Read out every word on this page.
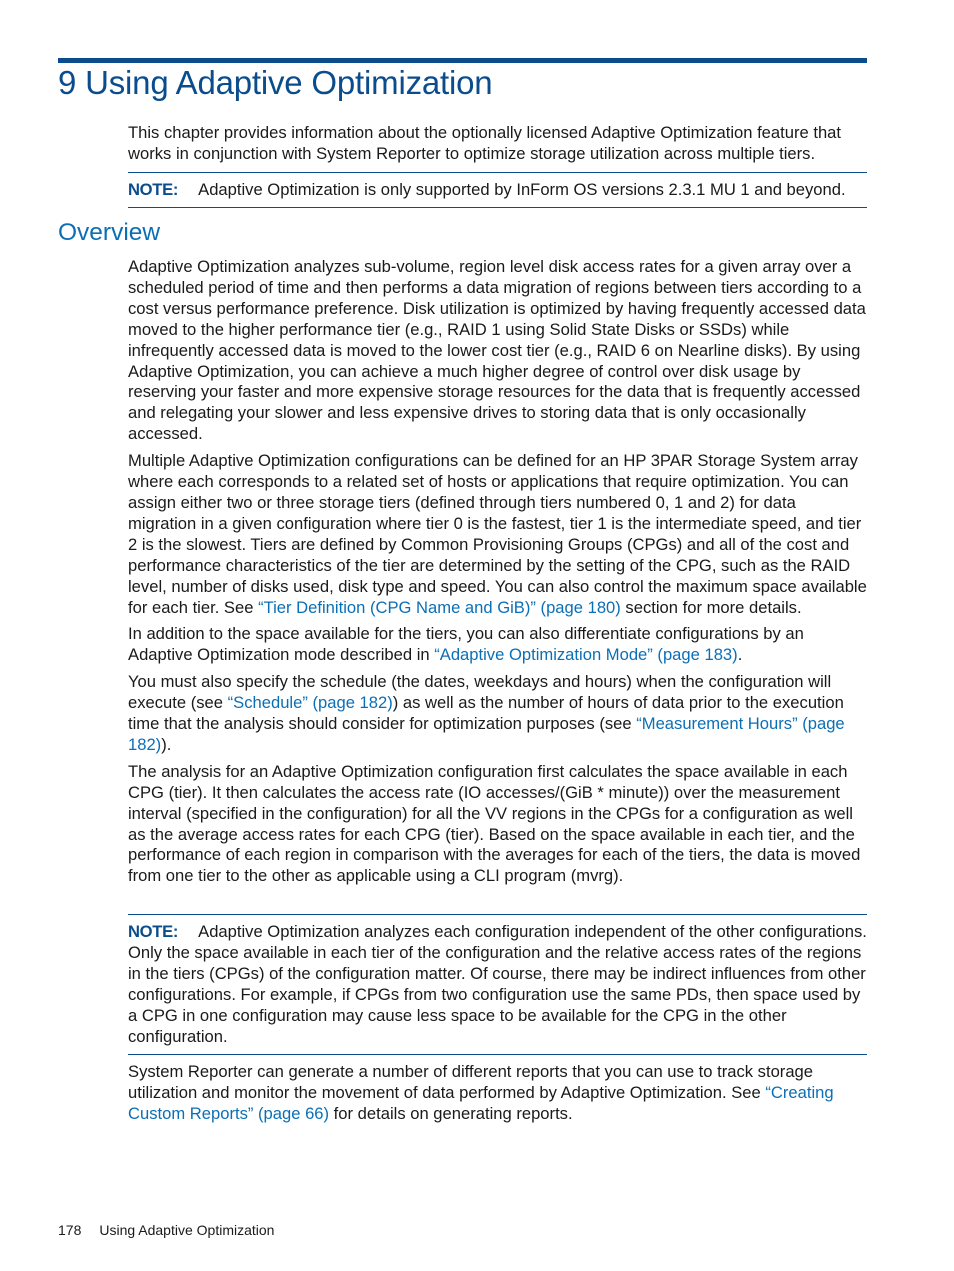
9 Using Adaptive Optimization

This chapter provides information about the optionally licensed Adaptive Optimization feature that works in conjunction with System Reporter to optimize storage utilization across multiple tiers.

NOTE: Adaptive Optimization is only supported by InForm OS versions 2.3.1 MU 1 and beyond.
Overview

Adaptive Optimization analyzes sub-volume, region level disk access rates for a given array over a scheduled period of time and then performs a data migration of regions between tiers according to a cost versus performance preference. Disk utilization is optimized by having frequently accessed data moved to the higher performance tier (e.g., RAID 1 using Solid State Disks or SSDs) while infrequently accessed data is moved to the lower cost tier (e.g., RAID 6 on Nearline disks). By using Adaptive Optimization, you can achieve a much higher degree of control over disk usage by reserving your faster and more expensive storage resources for the data that is frequently accessed and relegating your slower and less expensive drives to storing data that is only occasionally accessed.

Multiple Adaptive Optimization configurations can be defined for an HP 3PAR Storage System array where each corresponds to a related set of hosts or applications that require optimization. You can assign either two or three storage tiers (defined through tiers numbered 0, 1 and 2) for data migration in a given configuration where tier 0 is the fastest, tier 1 is the intermediate speed, and tier 2 is the slowest. Tiers are defined by Common Provisioning Groups (CPGs) and all of the cost and performance characteristics of the tier are determined by the setting of the CPG, such as the RAID level, number of disks used, disk type and speed. You can also control the maximum space available for each tier. See “Tier Definition (CPG Name and GiB)” (page 180) section for more details.

In addition to the space available for the tiers, you can also differentiate configurations by an Adaptive Optimization mode described in “Adaptive Optimization Mode” (page 183).

You must also specify the schedule (the dates, weekdays and hours) when the configuration will execute (see “Schedule” (page 182)) as well as the number of hours of data prior to the execution time that the analysis should consider for optimization purposes (see “Measurement Hours” (page 182)).

The analysis for an Adaptive Optimization configuration first calculates the space available in each CPG (tier). It then calculates the access rate (IO accesses/(GiB * minute)) over the measurement interval (specified in the configuration) for all the VV regions in the CPGs for a configuration as well as the average access rates for each CPG (tier). Based on the space available in each tier, and the performance of each region in comparison with the averages for each of the tiers, the data is moved from one tier to the other as applicable using a CLI program (mvrg).

NOTE: Adaptive Optimization analyzes each configuration independent of the other configurations. Only the space available in each tier of the configuration and the relative access rates of the regions in the tiers (CPGs) of the configuration matter. Of course, there may be indirect influences from other configurations. For example, if CPGs from two configuration use the same PDs, then space used by a CPG in one configuration may cause less space to be available for the CPG in the other configuration.

System Reporter can generate a number of different reports that you can use to track storage utilization and monitor the movement of data performed by Adaptive Optimization. See “Creating Custom Reports” (page 66) for details on generating reports.

178 Using Adaptive Optimization
